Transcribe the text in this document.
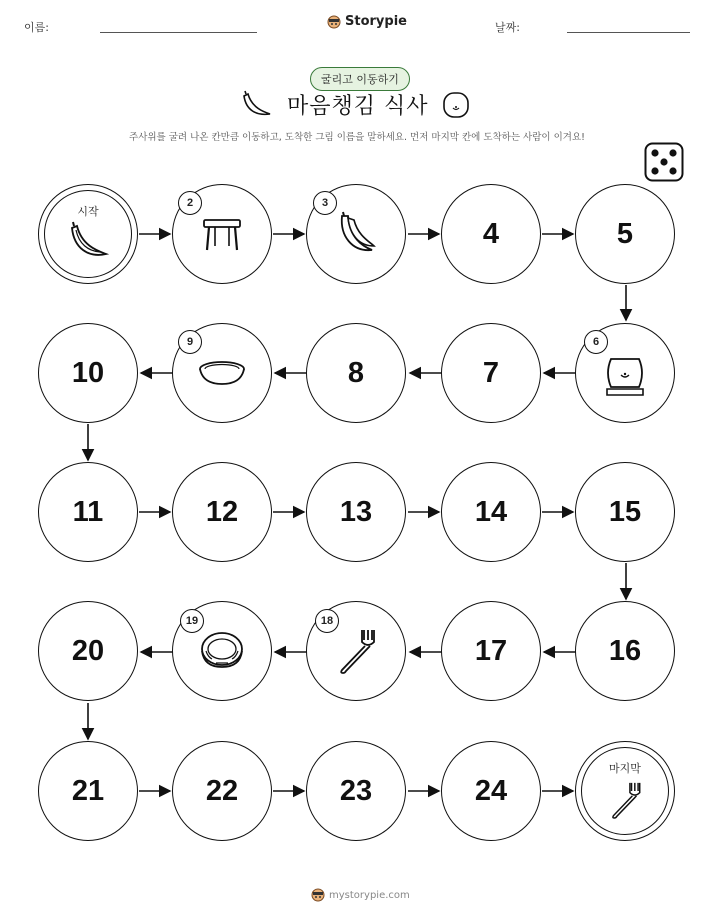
이름:	Storypie	날짜:
굴리고 이동하기
마음챙김 식사
주사위를 굴려 나온 칸만큼 이동하고, 도착한 그림 이름을 말하세요. 먼저 마지막 칸에 도착하는 사람이 이겨요!
시작
2	3
4	5
10
9
8	7
6
11	12	13	14	15
20
19	18
17	16
21	22	23	24
마지막
mystorypie.com
